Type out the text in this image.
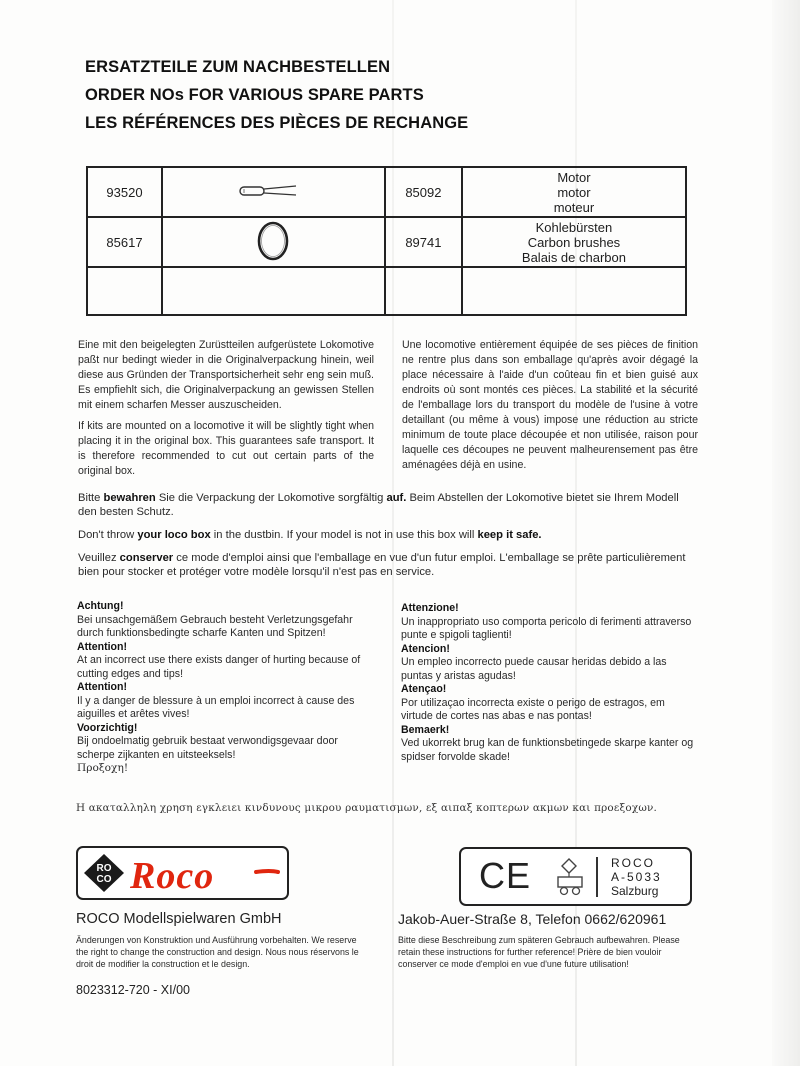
ERSATZTEILE ZUM NACHBESTELLEN
ORDER NOs FOR VARIOUS SPARE PARTS
LES RÉFÉRENCES DES PIÈCES DE RECHANGE
93520		85092	Motor
motor
moteur

85617		89741	Kohlebürsten
Carbon brushes
Balais de charbon

Eine mit den beigelegten Zurüstteilen aufgerüstete Lokomotive paßt nur bedingt wieder in die Originalverpackung hinein, weil diese aus Gründen der Transportsicherheit sehr eng sein muß. Es empfiehlt sich, die Originalverpackung an gewissen Stellen mit einem scharfen Messer auszuscheiden.

If kits are mounted on a locomotive it will be slightly tight when placing it in the original box. This guarantees safe transport. It is therefore recommended to cut out certain parts of the original box.

Une locomotive entièrement équipée de ses pièces de finition ne rentre plus dans son emballage qu'après avoir dégagé la place nécessaire à l'aide d'un coûteau fin et bien guisé aux endroits où sont montés ces pièces. La stabilité et la sécurité de l'emballage lors du transport du modèle de l'usine à votre detaillant (ou même à vous) impose une réduction au stricte minimum de toute place découpée et non utilisée, raison pour laquelle ces découpes ne peuvent malheurensement pas être aménagées déjà en usine.

Bitte bewahren Sie die Verpackung der Lokomotive sorgfältig auf. Beim Abstellen der Lokomotive bietet sie Ihrem Modell den besten Schutz.

Don't throw your loco box in the dustbin. If your model is not in use this box will keep it safe.

Veuillez conserver ce mode d'emploi ainsi que l'emballage en vue d'un futur emploi. L'emballage se prête particulièrement bien pour stocker et protéger votre modèle lorsqu'il n'est pas en service.

Achtung!
Bei unsachgemäßem Gebrauch besteht Verletzungsgefahr durch funktionsbedingte scharfe Kanten und Spitzen!
Attention!
At an incorrect use there exists danger of hurting because of cutting edges and tips!
Attention!
Il y a danger de blessure à un emploi incorrect à cause des aiguilles et arêtes vives!
Voorzichtig!
Bij ondoelmatig gebruik bestaat verwondigsgevaar door scherpe zijkanten en uitsteeksels!
Προξοχη!
Attenzione!
Un inappropriato uso comporta pericolo di ferimenti attraverso punte e spigoli taglienti!
Atencion!
Un empleo incorrecto puede causar heridas debido a las puntas y aristas agudas!
Atençao!
Por utilizaçao incorrecta existe o perigo de estragos, em virtude de cortes nas abas e nas pontas!
Bemaerk!
Ved ukorrekt brug kan de funktionsbetingede skarpe kanter og spidser forvolde skade!
Η ακαταλληλη χρηση εγκλειει κινδυνους μικρου ραυματισμων, εξ αιπαξ κοπτερων ακμων και προεξοχων.
RO
CO Roco	CE	ROCO
A-5033
Salzburg
ROCO Modellspielwaren GmbH	Jakob-Auer-Straße 8, Telefon 0662/620961
Änderungen von Konstruktion und Ausführung vorbehalten. We reserve the right to change the construction and design. Nous nous réservons le droit de modifier la construction et le design.
Bitte diese Beschreibung zum späteren Gebrauch aufbewahren. Please retain these instructions for further reference! Prière de bien vouloir conserver ce mode d'emploi en vue d'une future utilisation!
8023312-720 - XI/00
